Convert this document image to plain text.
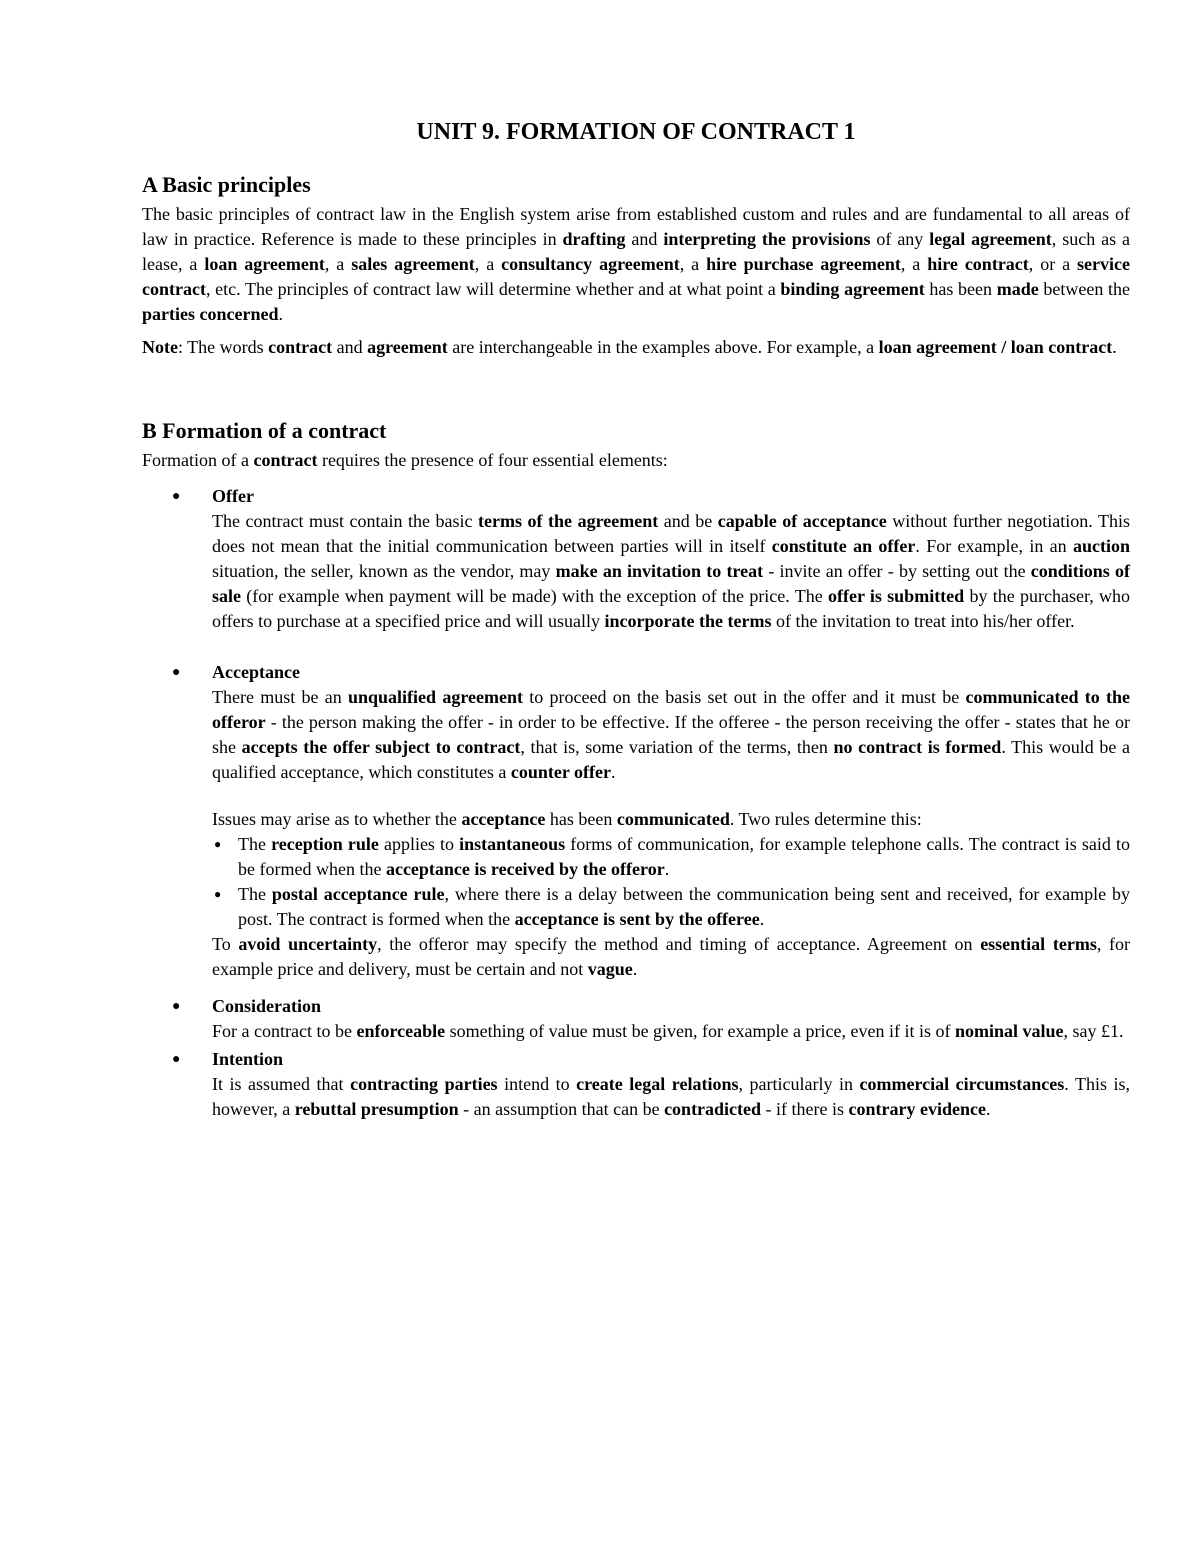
UNIT 9. FORMATION OF CONTRACT 1
A Basic principles

The basic principles of contract law in the English system arise from established custom and rules and are fundamental to all areas of law in practice. Reference is made to these principles in drafting and interpreting the provisions of any legal agreement, such as a lease, a loan agreement, a sales agreement, a consultancy agreement, a hire purchase agreement, a hire contract, or a service contract, etc. The principles of contract law will determine whether and at what point a binding agreement has been made between the parties concerned.

Note: The words contract and agreement are interchangeable in the examples above. For example, a loan agreement / loan contract.

B Formation of a contract

Formation of a contract requires the presence of four essential elements:

● Offer
The contract must contain the basic terms of the agreement and be capable of acceptance without further negotiation. This does not mean that the initial communication between parties will in itself constitute an offer. For example, in an auction situation, the seller, known as the vendor, may make an invitation to treat - invite an offer - by setting out the conditions of sale (for example when payment will be made) with the exception of the price. The offer is submitted by the purchaser, who offers to purchase at a specified price and will usually incorporate the terms of the invitation to treat into his/her offer.
● Acceptance
There must be an unqualified agreement to proceed on the basis set out in the offer and it must be communicated to the offeror - the person making the offer - in order to be effective. If the offeree - the person receiving the offer - states that he or she accepts the offer subject to contract, that is, some variation of the terms, then no contract is formed. This would be a qualified acceptance, which constitutes a counter offer.
Issues may arise as to whether the acceptance has been communicated. Two rules determine this:
● The reception rule applies to instantaneous forms of communication, for example telephone calls. The contract is said to be formed when the acceptance is received by the offeror.
● The postal acceptance rule, where there is a delay between the communication being sent and received, for example by post. The contract is formed when the acceptance is sent by the offeree.
To avoid uncertainty, the offeror may specify the method and timing of acceptance. Agreement on essential terms, for example price and delivery, must be certain and not vague.
● Consideration
For a contract to be enforceable something of value must be given, for example a price, even if it is of nominal value, say £1.
● Intention
It is assumed that contracting parties intend to create legal relations, particularly in commercial circumstances. This is, however, a rebuttal presumption - an assumption that can be contradicted - if there is contrary evidence.
